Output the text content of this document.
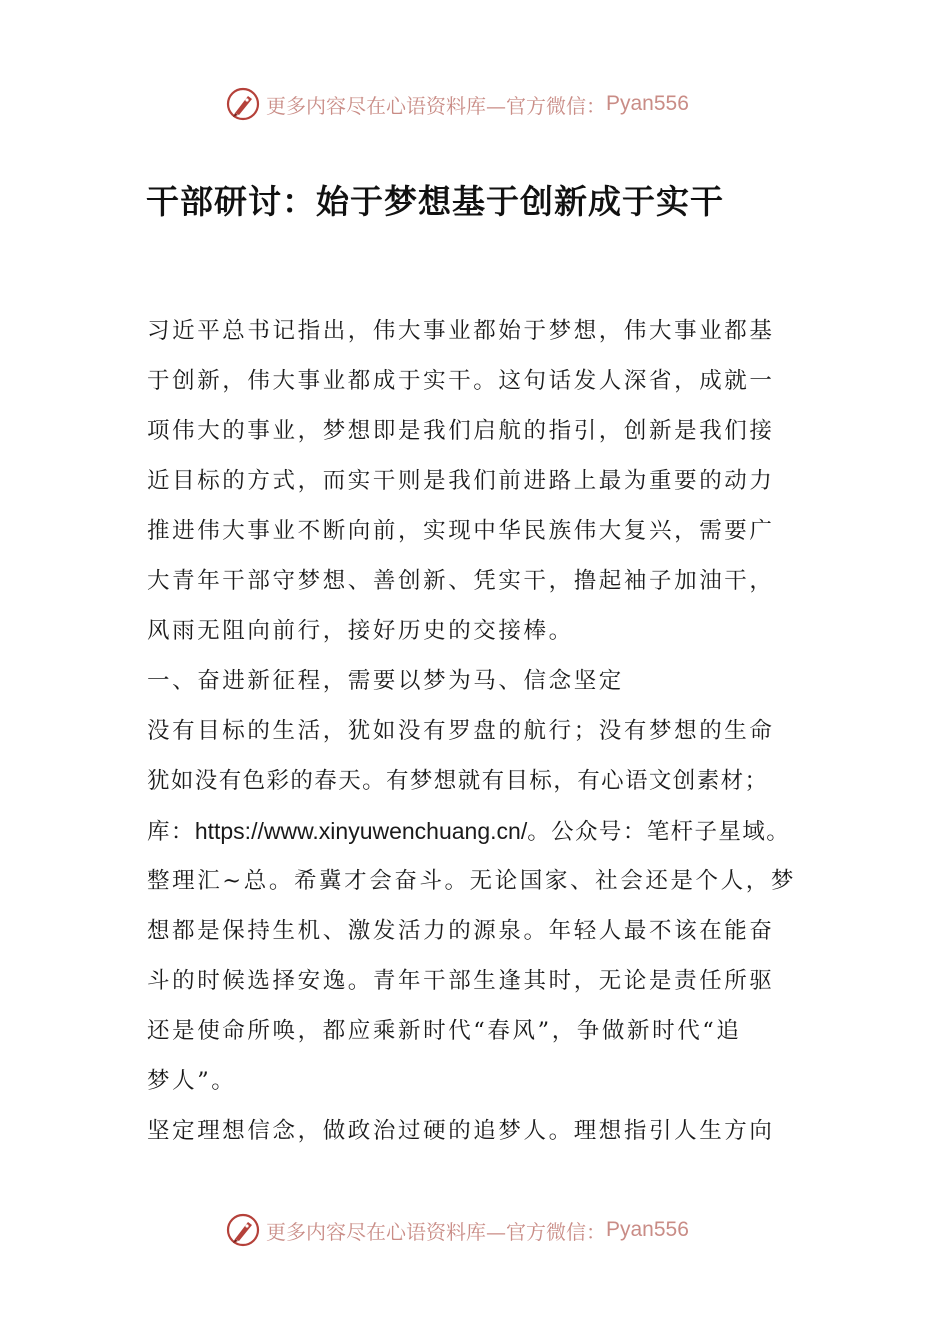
更多内容尽在心语资料库—官方微信： Pyan556
干部研讨：始于梦想基于创新成于实干
习近平总书记指出，伟大事业都始于梦想，伟大事业都基
于创新，伟大事业都成于实干。这句话发人深省，成就一
项伟大的事业，梦想即是我们启航的指引，创新是我们接
近目标的方式，而实干则是我们前进路上最为重要的动力
推进伟大事业不断向前，实现中华民族伟大复兴，需要广
大青年干部守梦想、善创新、凭实干，撸起袖子加油干，
风雨无阻向前行，接好历史的交接棒。
一、奋进新征程，需要以梦为马、信念坚定
没有目标的生活，犹如没有罗盘的航行；没有梦想的生命
犹如没有色彩的春天。有梦想就有目标，有心语文创素材；
库：https://www.xinyuwenchuang.cn/。公众号：笔杆子星域。
整理汇~总。希冀才会奋斗。无论国家、社会还是个人，梦
想都是保持生机、激发活力的源泉。年轻人最不该在能奋
斗的时候选择安逸。青年干部生逢其时，无论是责任所驱
还是使命所唤，都应乘新时代“春风”，争做新时代“追
梦人”。
坚定理想信念，做政治过硬的追梦人。理想指引人生方向
更多内容尽在心语资料库—官方微信： Pyan556
